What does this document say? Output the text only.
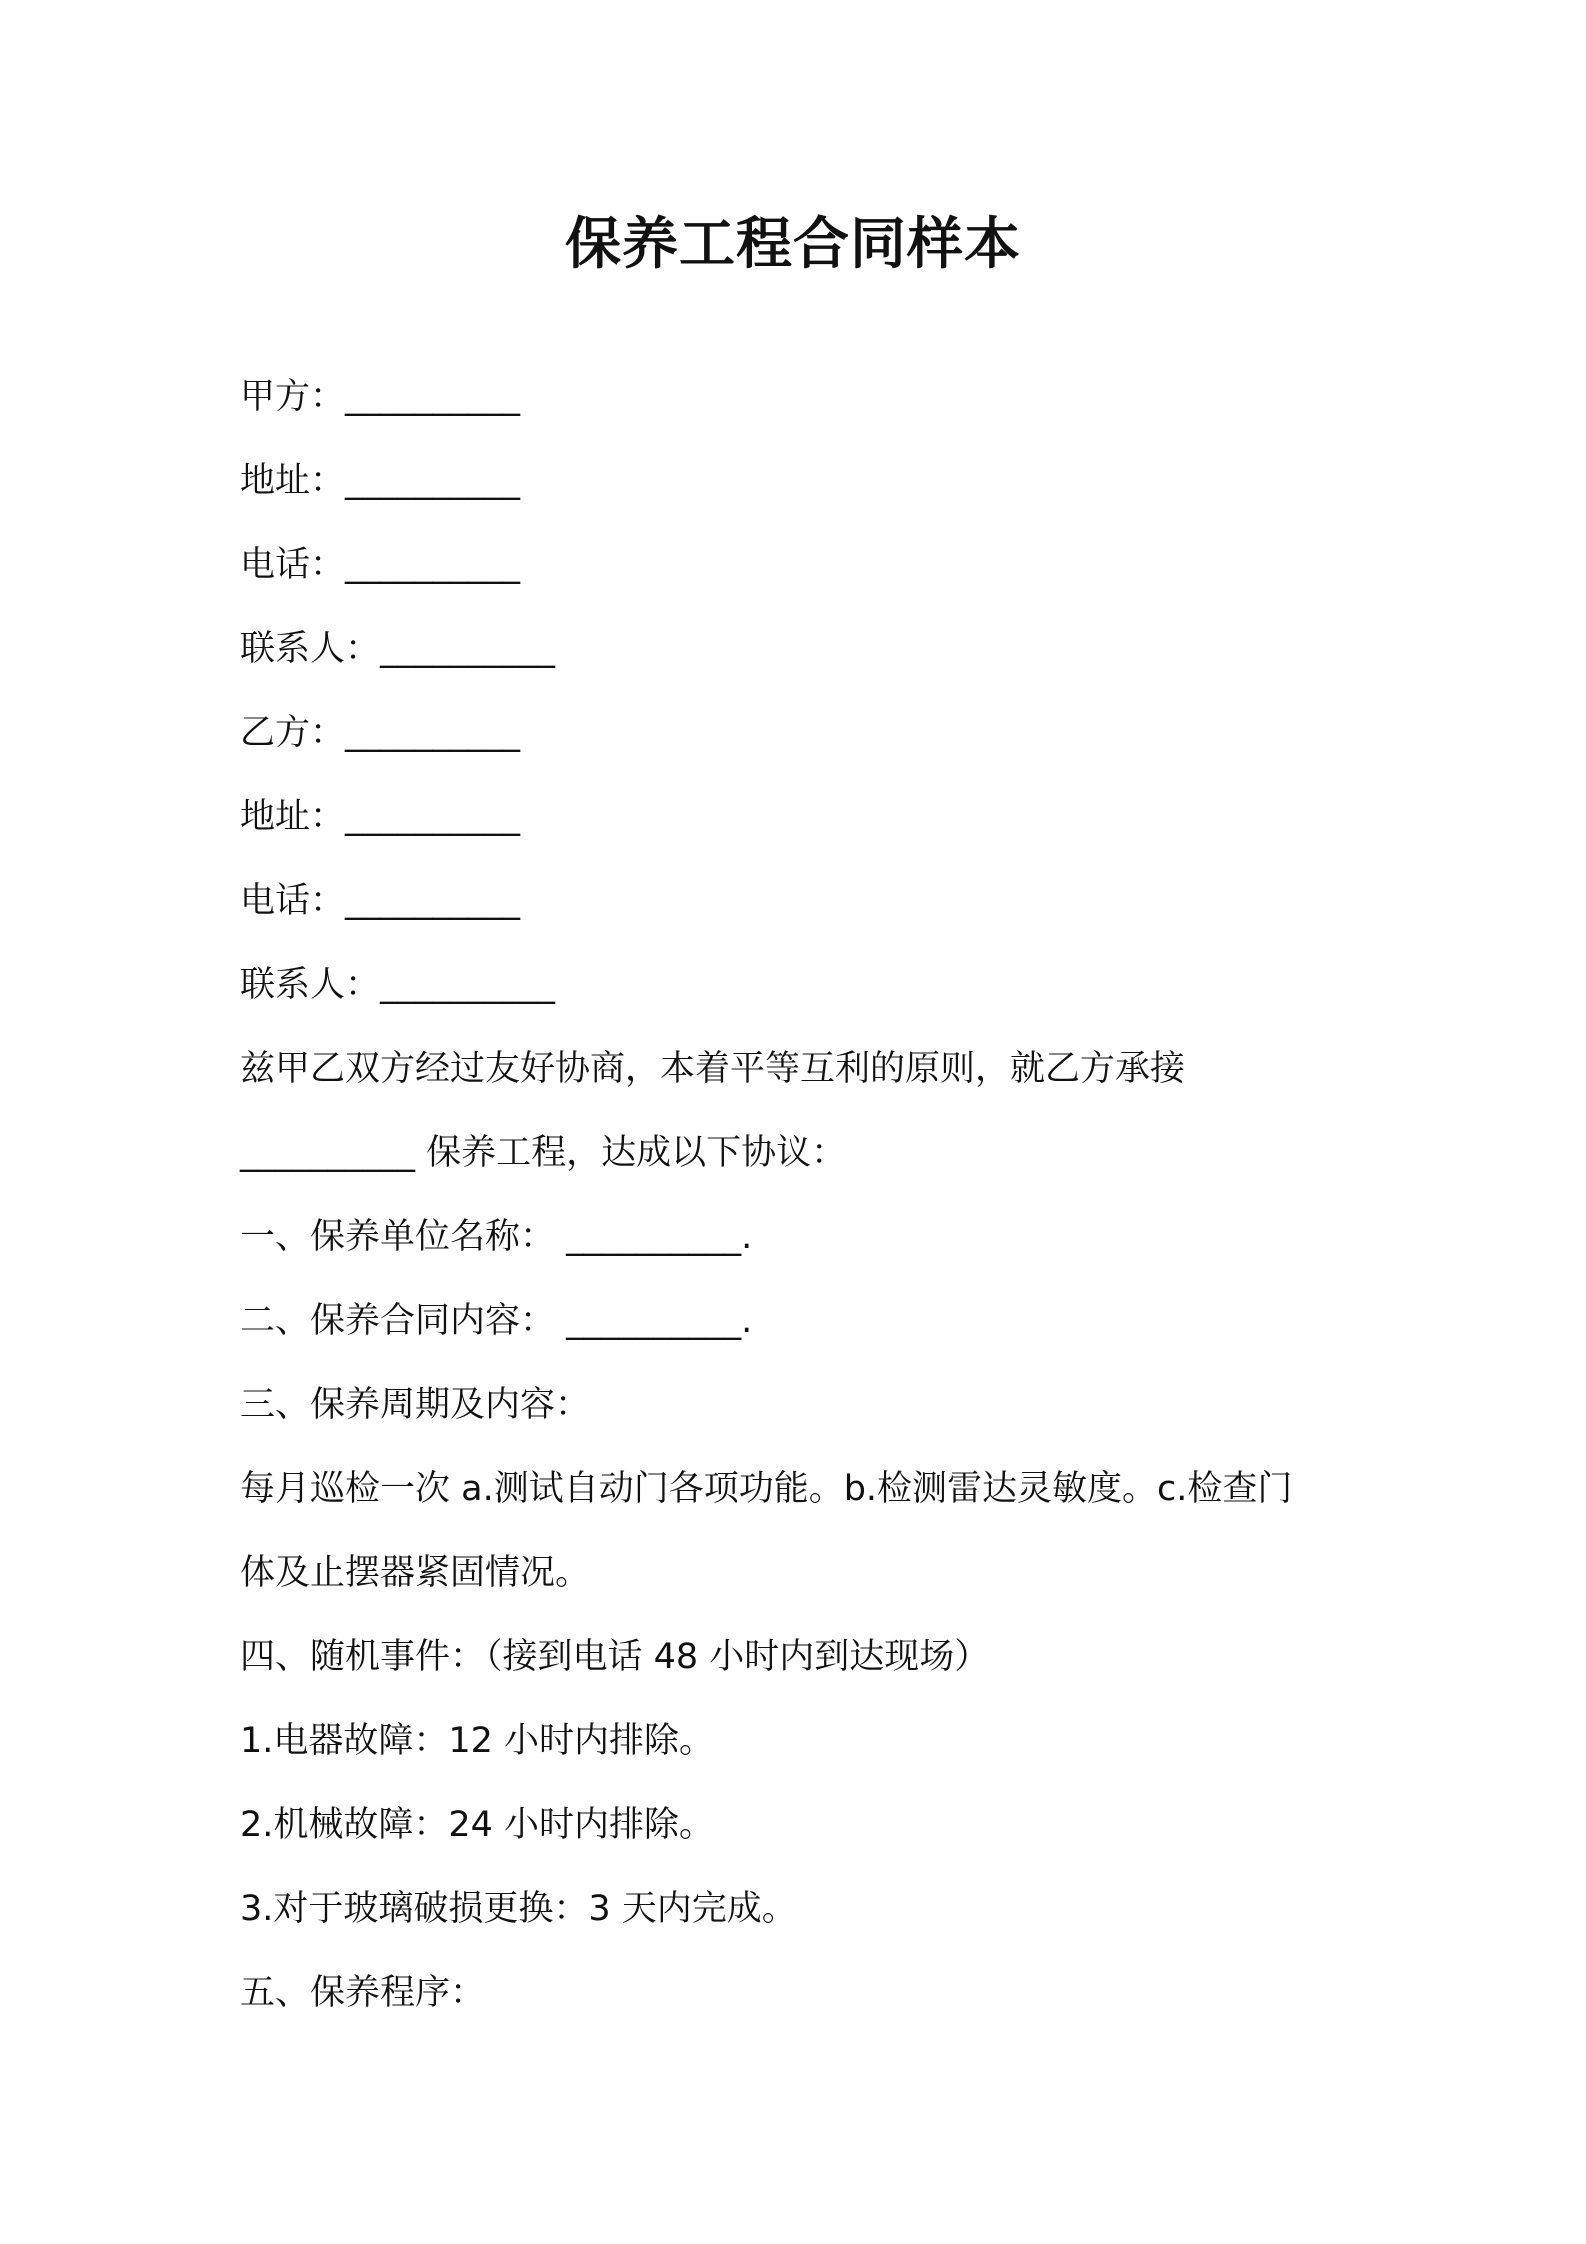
保养工程合同样本
甲方：__________
地址：__________
电话：__________
联系人：__________
乙方：__________
地址：__________
电话：__________
联系人：__________
兹甲乙双方经过友好协商，本着平等互利的原则，就乙方承接
__________ 保养工程，达成以下协议：
一、保养单位名称： __________.
二、保养合同内容： __________.
三、保养周期及内容：
每月巡检一次 a.测试自动门各项功能。b.检测雷达灵敏度。c.检查门
体及止摆器紧固情况。
四、随机事件：（接到电话 48 小时内到达现场）
1.电器故障：12 小时内排除。
2.机械故障：24 小时内排除。
3.对于玻璃破损更换：3 天内完成。
五、保养程序：
